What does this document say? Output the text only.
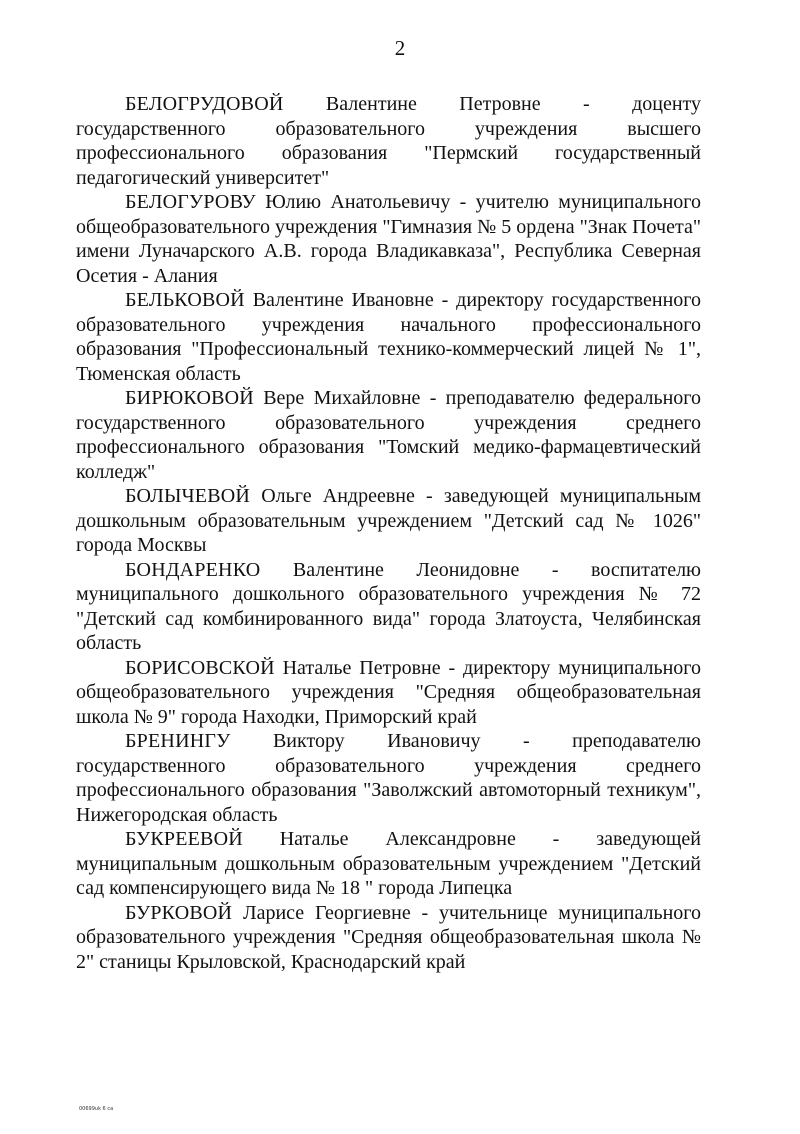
2

БЕЛОГРУДОВОЙ Валентине Петровне - доценту государственного образовательного учреждения высшего профессионального образования "Пермский государственный педагогический университет"

БЕЛОГУРОВУ Юлию Анатольевичу - учителю муниципального общеобразовательного учреждения "Гимназия № 5 ордена "Знак Почета" имени Луначарского А.В. города Владикавказа", Республика Северная Осетия - Алания

БЕЛЬКОВОЙ Валентине Ивановне - директору государственного образовательного учреждения начального профессионального образования "Профессиональный технико-коммерческий лицей № 1", Тюменская область

БИРЮКОВОЙ Вере Михайловне - преподавателю федерального государственного образовательного учреждения среднего профессионального образования "Томский медико-фармацевтический колледж"

БОЛЫЧЕВОЙ Ольге Андреевне - заведующей муниципальным дошкольным образовательным учреждением "Детский сад № 1026" города Москвы

БОНДАРЕНКО Валентине Леонидовне - воспитателю муниципального дошкольного образовательного учреждения № 72 "Детский сад комбинированного вида" города Златоуста, Челябинская область

БОРИСОВСКОЙ Наталье Петровне - директору муниципального общеобразовательного учреждения "Средняя общеобразовательная школа № 9" города Находки, Приморский край

БРЕНИНГУ Виктору Ивановичу - преподавателю государственного образовательного учреждения среднего профессионального образования "Заволжский автомоторный техникум", Нижегородская область

БУКРЕЕВОЙ Наталье Александровне - заведующей муниципальным дошкольным образовательным учреждением "Детский сад компенсирующего вида № 18 " города Липецка

БУРКОВОЙ Ларисе Георгиевне - учительнице муниципального образовательного учреждения "Средняя общеобразовательная школа № 2" станицы Крыловской, Краснодарский край

00699uk 6 ca
